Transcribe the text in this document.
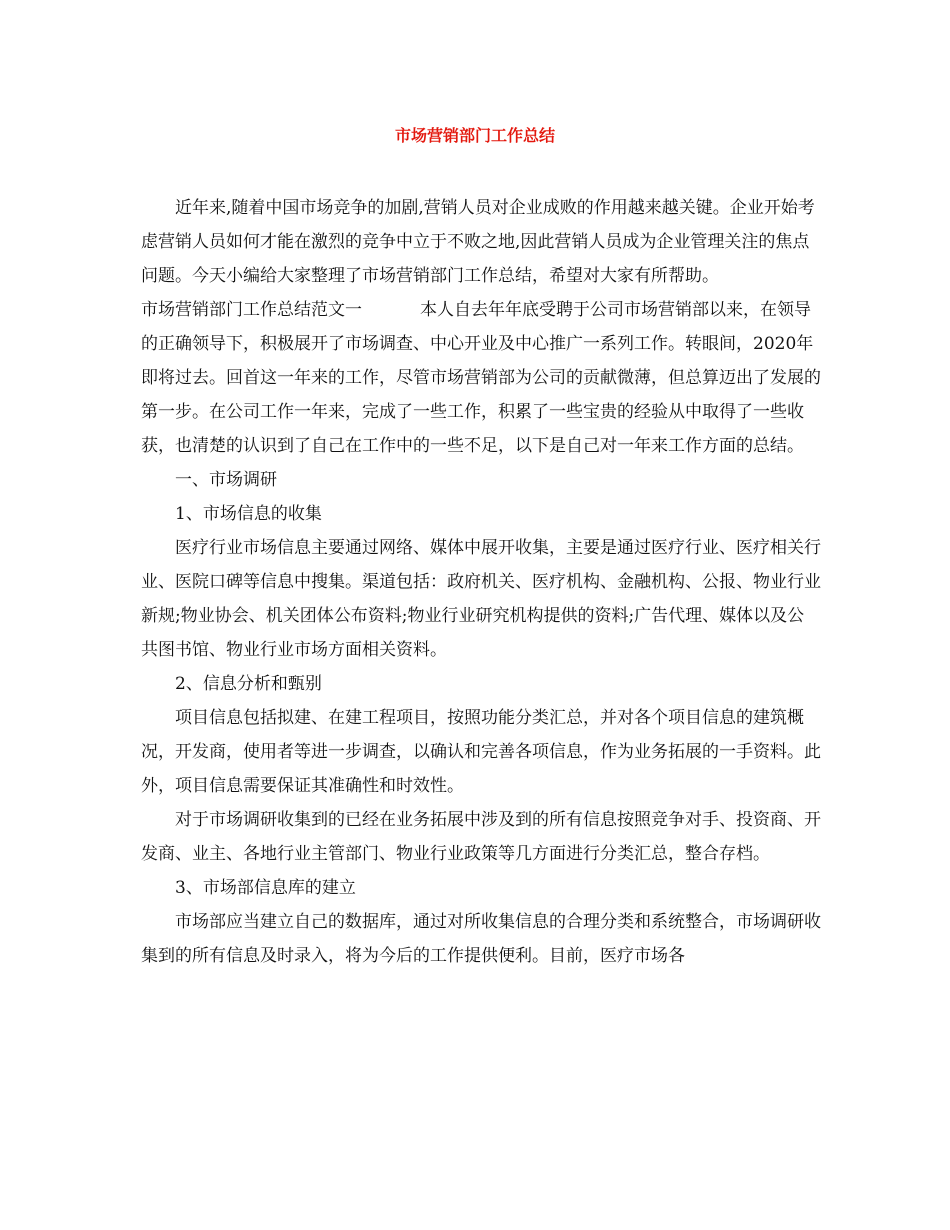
市场营销部门工作总结

近年来,随着中国市场竞争的加剧,营销人员对企业成败的作用越来越关键。企业开始考虑营销人员如何才能在激烈的竞争中立于不败之地,因此营销人员成为企业管理关注的焦点问题。今天小编给大家整理了市场营销部门工作总结，希望对大家有所帮助。

市场营销部门工作总结范文一	本人自去年年底受聘于公司市场营销部以来，在领导的正确领导下，积极展开了市场调查、中心开业及中心推广一系列工作。转眼间，2020年即将过去。回首这一年来的工作，尽管市场营销部为公司的贡献微薄，但总算迈出了发展的第一步。在公司工作一年来，完成了一些工作，积累了一些宝贵的经验从中取得了一些收获，也清楚的认识到了自己在工作中的一些不足，以下是自己对一年来工作方面的总结。

一、市场调研

1、市场信息的收集

医疗行业市场信息主要通过网络、媒体中展开收集，主要是通过医疗行业、医疗相关行业、医院口碑等信息中搜集。渠道包括：政府机关、医疗机构、金融机构、公报、物业行业新规;物业协会、机关团体公布资料;物业行业研究机构提供的资料;广告代理、媒体以及公共图书馆、物业行业市场方面相关资料。

2、信息分析和甄别

项目信息包括拟建、在建工程项目，按照功能分类汇总，并对各个项目信息的建筑概况，开发商，使用者等进一步调查，以确认和完善各项信息，作为业务拓展的一手资料。此外，项目信息需要保证其准确性和时效性。

对于市场调研收集到的已经在业务拓展中涉及到的所有信息按照竞争对手、投资商、开发商、业主、各地行业主管部门、物业行业政策等几方面进行分类汇总，整合存档。

3、市场部信息库的建立

市场部应当建立自己的数据库，通过对所收集信息的合理分类和系统整合，市场调研收集到的所有信息及时录入，将为今后的工作提供便利。目前，医疗市场各
